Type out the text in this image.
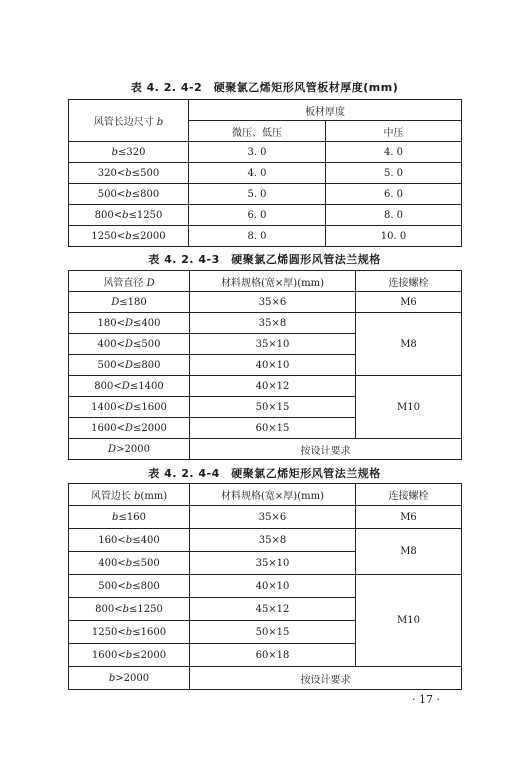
表 4. 2. 4-2　硬聚氯乙烯矩形风管板材厚度(mm)
风管长边尺寸 b	板材厚度	
	微压、低压	中压
b≤320	3. 0	4. 0
320<b≤500	4. 0	5. 0
500<b≤800	5. 0	6. 0
800<b≤1250	6. 0	8. 0
1250<b≤2000	8. 0	10. 0
表 4. 2. 4-3　硬聚氯乙烯圆形风管法兰规格
风管直径 D	材料规格(宽×厚)(mm)	连接螺栓
D≤180	35×6	M6
180<D≤400	35×8	M8
400<D≤500	35×10	
500<D≤800	40×10	
800<D≤1400	40×12	M10
1400<D≤1600	50×15	
1600<D≤2000	60×15	
D>2000	按设计要求	
表 4. 2. 4-4　硬聚氯乙烯矩形风管法兰规格
风管边长 b(mm)	材料规格(宽×厚)(mm)	连接螺栓
b≤160	35×6	M6
160<b≤400	35×8	M8
400<b≤500	35×10	
500<b≤800	40×10	M10
800<b≤1250	45×12	
1250<b≤1600	50×15	
1600<b≤2000	60×18	
b>2000	按设计要求	
· 17 ·
